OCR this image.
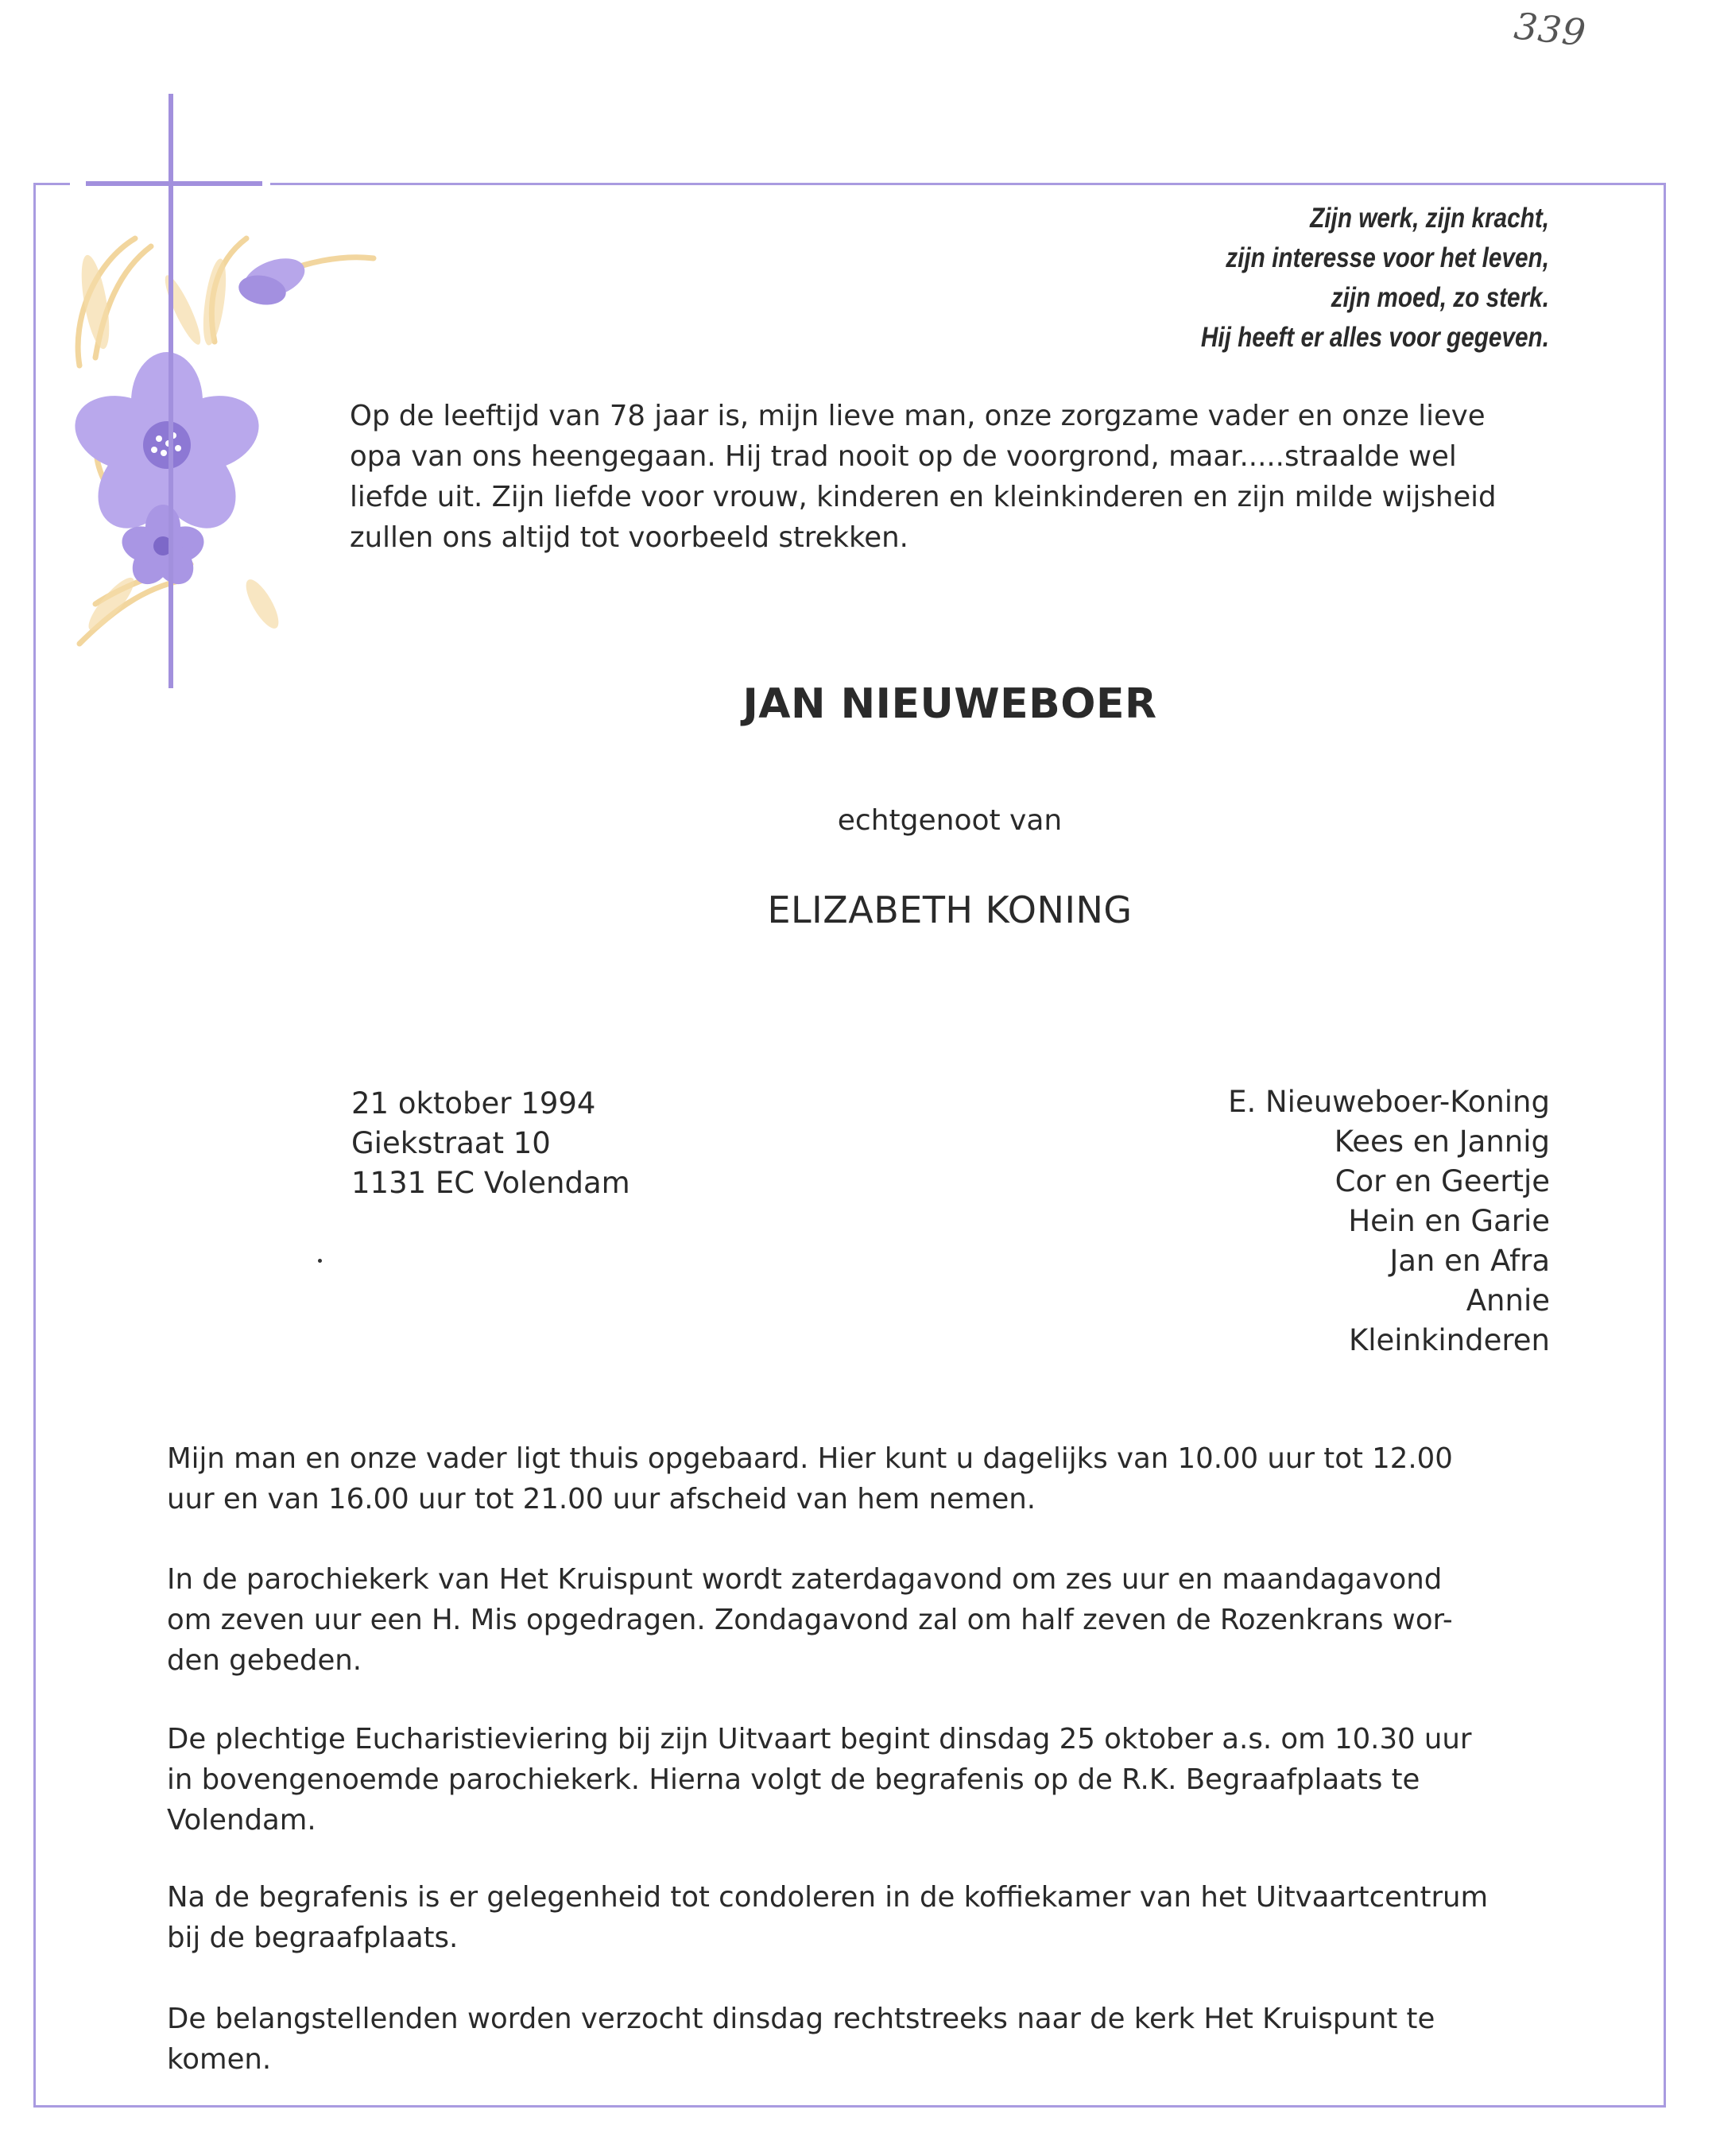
339
Zijn werk, zijn kracht,
zijn interesse voor het leven,
zijn moed, zo sterk.
Hij heeft er alles voor gegeven.
Op de leeftijd van 78 jaar is, mijn lieve man, onze zorgzame vader en onze lieve
opa van ons heengegaan. Hij trad nooit op de voorgrond, maar.....straalde wel
liefde uit. Zijn liefde voor vrouw, kinderen en kleinkinderen en zijn milde wijsheid
zullen ons altijd tot voorbeeld strekken.
JAN NIEUWEBOER
echtgenoot van
ELIZABETH KONING
21 oktober 1994
Giekstraat 10
1131 EC Volendam
E. Nieuweboer-Koning
Kees en Jannig
Cor en Geertje
Hein en Garie
Jan en Afra
Annie
Kleinkinderen
Mijn man en onze vader ligt thuis opgebaard. Hier kunt u dagelijks van 10.00 uur tot 12.00
uur en van 16.00 uur tot 21.00 uur afscheid van hem nemen.
In de parochiekerk van Het Kruispunt wordt zaterdagavond om zes uur en maandagavond
om zeven uur een H. Mis opgedragen. Zondagavond zal om half zeven de Rozenkrans wor-
den gebeden.
De plechtige Eucharistieviering bij zijn Uitvaart begint dinsdag 25 oktober a.s. om 10.30 uur
in bovengenoemde parochiekerk. Hierna volgt de begrafenis op de R.K. Begraafplaats te
Volendam.
Na de begrafenis is er gelegenheid tot condoleren in de koffiekamer van het Uitvaartcentrum
bij de begraafplaats.
De belangstellenden worden verzocht dinsdag rechtstreeks naar de kerk Het Kruispunt te
komen.
